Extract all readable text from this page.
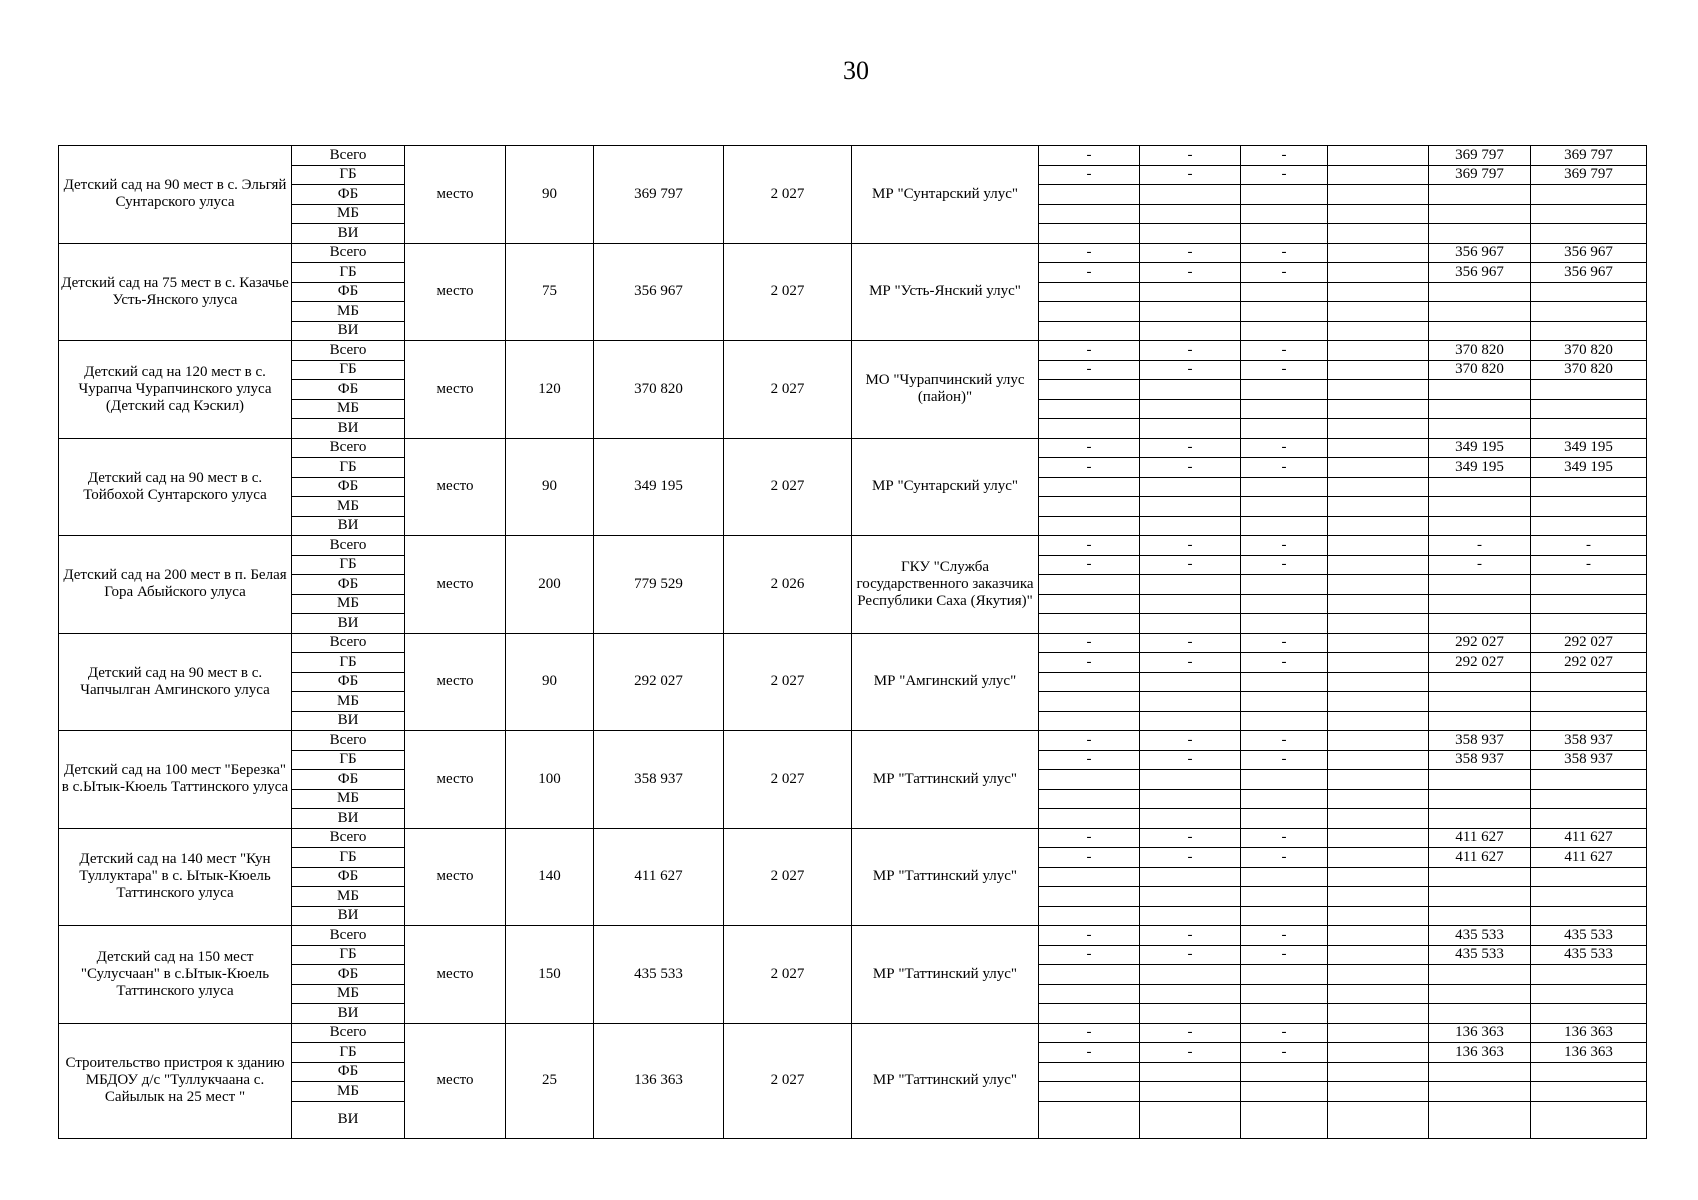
30
Детский сад на 90 мест в с. Эльгяй Сунтарского улуса	Всего	место	90	369 797	2 027	МР "Сунтарский улус"	-	-	-		369 797	369 797
	ГБ						-	-	-		369 797	369 797
	ФБ											
	МБ											
	ВИ											
Детский сад на 75 мест в с. Казачье Усть-Янского улуса	Всего	место	75	356 967	2 027	МР "Усть-Янский улус"	-	-	-		356 967	356 967
	ГБ						-	-	-		356 967	356 967
	ФБ											
	МБ											
	ВИ											
Детский сад на 120 мест в с. Чурапча Чурапчинского улуса (Детский сад Кэскил)	Всего	место	120	370 820	2 027	МО "Чурапчинский улус (пайон)"	-	-	-		370 820	370 820
	ГБ						-	-	-		370 820	370 820
	ФБ											
	МБ											
	ВИ											
Детский сад на 90 мест в с. Тойбохой Сунтарского улуса	Всего	место	90	349 195	2 027	МР "Сунтарский улус"	-	-	-		349 195	349 195
	ГБ						-	-	-		349 195	349 195
	ФБ											
	МБ											
	ВИ											
Детский сад на 200 мест в п. Белая Гора Абыйского улуса	Всего	место	200	779 529	2 026	ГКУ "Служба государственного заказчика Республики Саха (Якутия)"	-	-	-		-	-
	ГБ						-	-	-		-	-
	ФБ											
	МБ											
	ВИ											
Детский сад на 90 мест в с. Чапчылган Амгинского улуса	Всего	место	90	292 027	2 027	МР "Амгинский улус"	-	-	-		292 027	292 027
	ГБ						-	-	-		292 027	292 027
	ФБ											
	МБ											
	ВИ											
Детский сад на 100 мест "Березка" в с.Ытык-Кюель Таттинского улуса	Всего	место	100	358 937	2 027	МР "Таттинский улус"	-	-	-		358 937	358 937
	ГБ						-	-	-		358 937	358 937
	ФБ											
	МБ											
	ВИ											
Детский сад на 140 мест "Кун Туллуктара" в с. Ытык-Кюель Таттинского улуса	Всего	место	140	411 627	2 027	МР "Таттинский улус"	-	-	-		411 627	411 627
	ГБ						-	-	-		411 627	411 627
	ФБ											
	МБ											
	ВИ											
Детский сад на 150 мест "Сулусчаан" в с.Ытык-Кюель Таттинского улуса	Всего	место	150	435 533	2 027	МР "Таттинский улус"	-	-	-		435 533	435 533
	ГБ						-	-	-		435 533	435 533
	ФБ											
	МБ											
	ВИ											
Строительство пристроя к зданию МБДОУ д/с "Туллукчаана с. Сайылык на 25 мест "	Всего	место	25	136 363	2 027	МР "Таттинский улус"	-	-	-		136 363	136 363
	ГБ						-	-	-		136 363	136 363
	ФБ											
	МБ											
	ВИ											
